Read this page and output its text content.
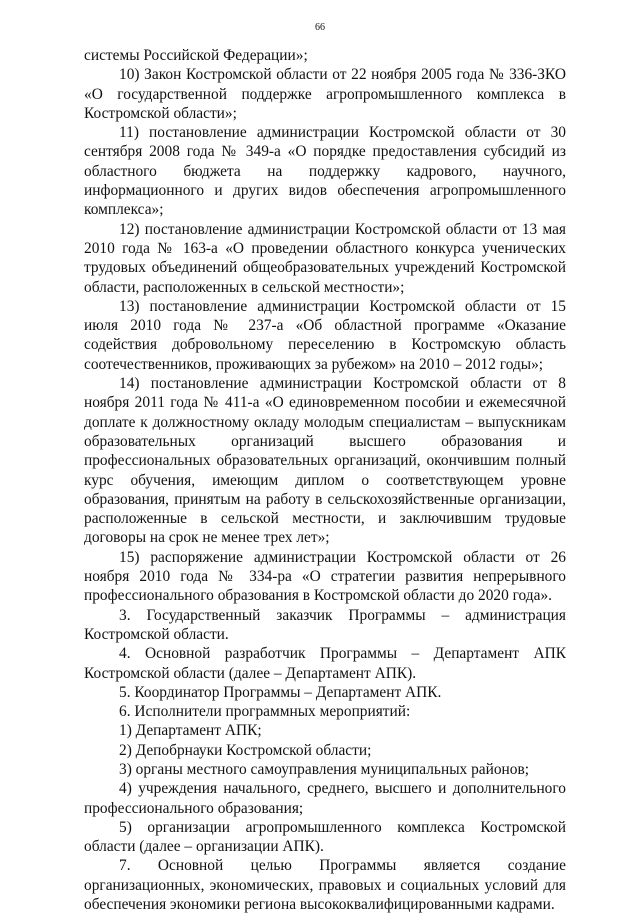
66

системы Российской Федерации»;

10) Закон Костромской области от 22 ноября 2005 года № 336-ЗКО «О государственной поддержке агропромышленного комплекса в Костромской области»;

11) постановление администрации Костромской области от 30 сентября 2008 года № 349-а «О порядке предоставления субсидий из областного бюджета на поддержку кадрового, научного, информационного и других видов обеспечения агропромышленного комплекса»;

12) постановление администрации Костромской области от 13 мая 2010 года № 163-а «О проведении областного конкурса ученических трудовых объединений общеобразовательных учреждений Костромской области, расположенных в сельской местности»;

13) постановление администрации Костромской области от 15 июля 2010 года № 237-а «Об областной программе «Оказание содействия добровольному переселению в Костромскую область соотечественников, проживающих за рубежом» на 2010 – 2012 годы»;

14) постановление администрации Костромской области от 8 ноября 2011 года № 411-а «О единовременном пособии и ежемесячной доплате к должностному окладу молодым специалистам – выпускникам образовательных организаций высшего образования и профессиональных образовательных организаций, окончившим полный курс обучения, имеющим диплом о соответствующем уровне образования, принятым на работу в сельскохозяйственные организации, расположенные в сельской местности, и заключившим трудовые договоры на срок не менее трех лет»;

15) распоряжение администрации Костромской области от 26 ноября 2010 года № 334-ра «О стратегии развития непрерывного профессионального образования в Костромской области до 2020 года».

3. Государственный заказчик Программы – администрация Костромской области.

4. Основной разработчик Программы – Департамент АПК Костромской области (далее – Департамент АПК).

5. Координатор Программы – Департамент АПК.

6. Исполнители программных мероприятий:

1) Департамент АПК;

2) Депобрнауки Костромской области;

3) органы местного самоуправления муниципальных районов;

4) учреждения начального, среднего, высшего и дополнительного профессионального образования;

5) организации агропромышленного комплекса Костромской области (далее – организации АПК).

7. Основной целью Программы является создание организационных, экономических, правовых и социальных условий для обеспечения экономики региона высококвалифицированными кадрами.
